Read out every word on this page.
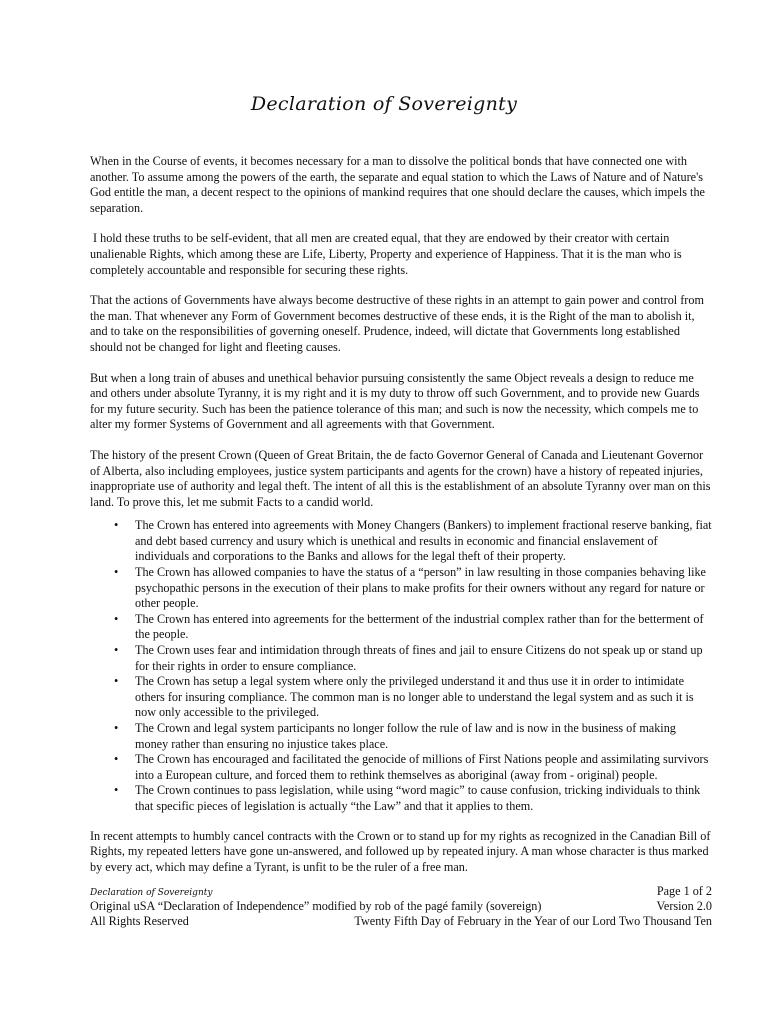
Declaration of Sovereignty

When in the Course of events, it becomes necessary for a man to dissolve the political bonds that have connected one with another. To assume among the powers of the earth, the separate and equal station to which the Laws of Nature and of Nature's God entitle the man, a decent respect to the opinions of mankind requires that one should declare the causes, which impels the separation.

I hold these truths to be self-evident, that all men are created equal, that they are endowed by their creator with certain unalienable Rights, which among these are Life, Liberty, Property and experience of Happiness. That it is the man who is completely accountable and responsible for securing these rights.

That the actions of Governments have always become destructive of these rights in an attempt to gain power and control from the man. That whenever any Form of Government becomes destructive of these ends, it is the Right of the man to abolish it, and to take on the responsibilities of governing oneself. Prudence, indeed, will dictate that Governments long established should not be changed for light and fleeting causes.

But when a long train of abuses and unethical behavior pursuing consistently the same Object reveals a design to reduce me and others under absolute Tyranny, it is my right and it is my duty to throw off such Government, and to provide new Guards for my future security. Such has been the patience tolerance of this man; and such is now the necessity, which compels me to alter my former Systems of Government and all agreements with that Government.

The history of the present Crown (Queen of Great Britain, the de facto Governor General of Canada and Lieutenant Governor of Alberta, also including employees, justice system participants and agents for the crown) have a history of repeated injuries, inappropriate use of authority and legal theft. The intent of all this is the establishment of an absolute Tyranny over man on this land. To prove this, let me submit Facts to a candid world.

• The Crown has entered into agreements with Money Changers (Bankers) to implement fractional reserve banking, fiat and debt based currency and usury which is unethical and results in economic and financial enslavement of individuals and corporations to the Banks and allows for the legal theft of their property.
• The Crown has allowed companies to have the status of a “person” in law resulting in those companies behaving like psychopathic persons in the execution of their plans to make profits for their owners without any regard for nature or other people.
• The Crown has entered into agreements for the betterment of the industrial complex rather than for the betterment of the people.
• The Crown uses fear and intimidation through threats of fines and jail to ensure Citizens do not speak up or stand up for their rights in order to ensure compliance.
• The Crown has setup a legal system where only the privileged understand it and thus use it in order to intimidate others for insuring compliance. The common man is no longer able to understand the legal system and as such it is now only accessible to the privileged.
• The Crown and legal system participants no longer follow the rule of law and is now in the business of making money rather than ensuring no injustice takes place.
• The Crown has encouraged and facilitated the genocide of millions of First Nations people and assimilating survivors into a European culture, and forced them to rethink themselves as aboriginal (away from - original) people.
• The Crown continues to pass legislation, while using “word magic” to cause confusion, tricking individuals to think that specific pieces of legislation is actually “the Law” and that it applies to them.

In recent attempts to humbly cancel contracts with the Crown or to stand up for my rights as recognized in the Canadian Bill of Rights, my repeated letters have gone un-answered, and followed up by repeated injury. A man whose character is thus marked by every act, which may define a Tyrant, is unfit to be the ruler of a free man.

Declaration of Sovereignty	Page 1 of 2
Original uSA “Declaration of Independence” modified by rob of the pagé family (sovereign)	Version 2.0
All Rights Reserved	Twenty Fifth Day of February in the Year of our Lord Two Thousand Ten
